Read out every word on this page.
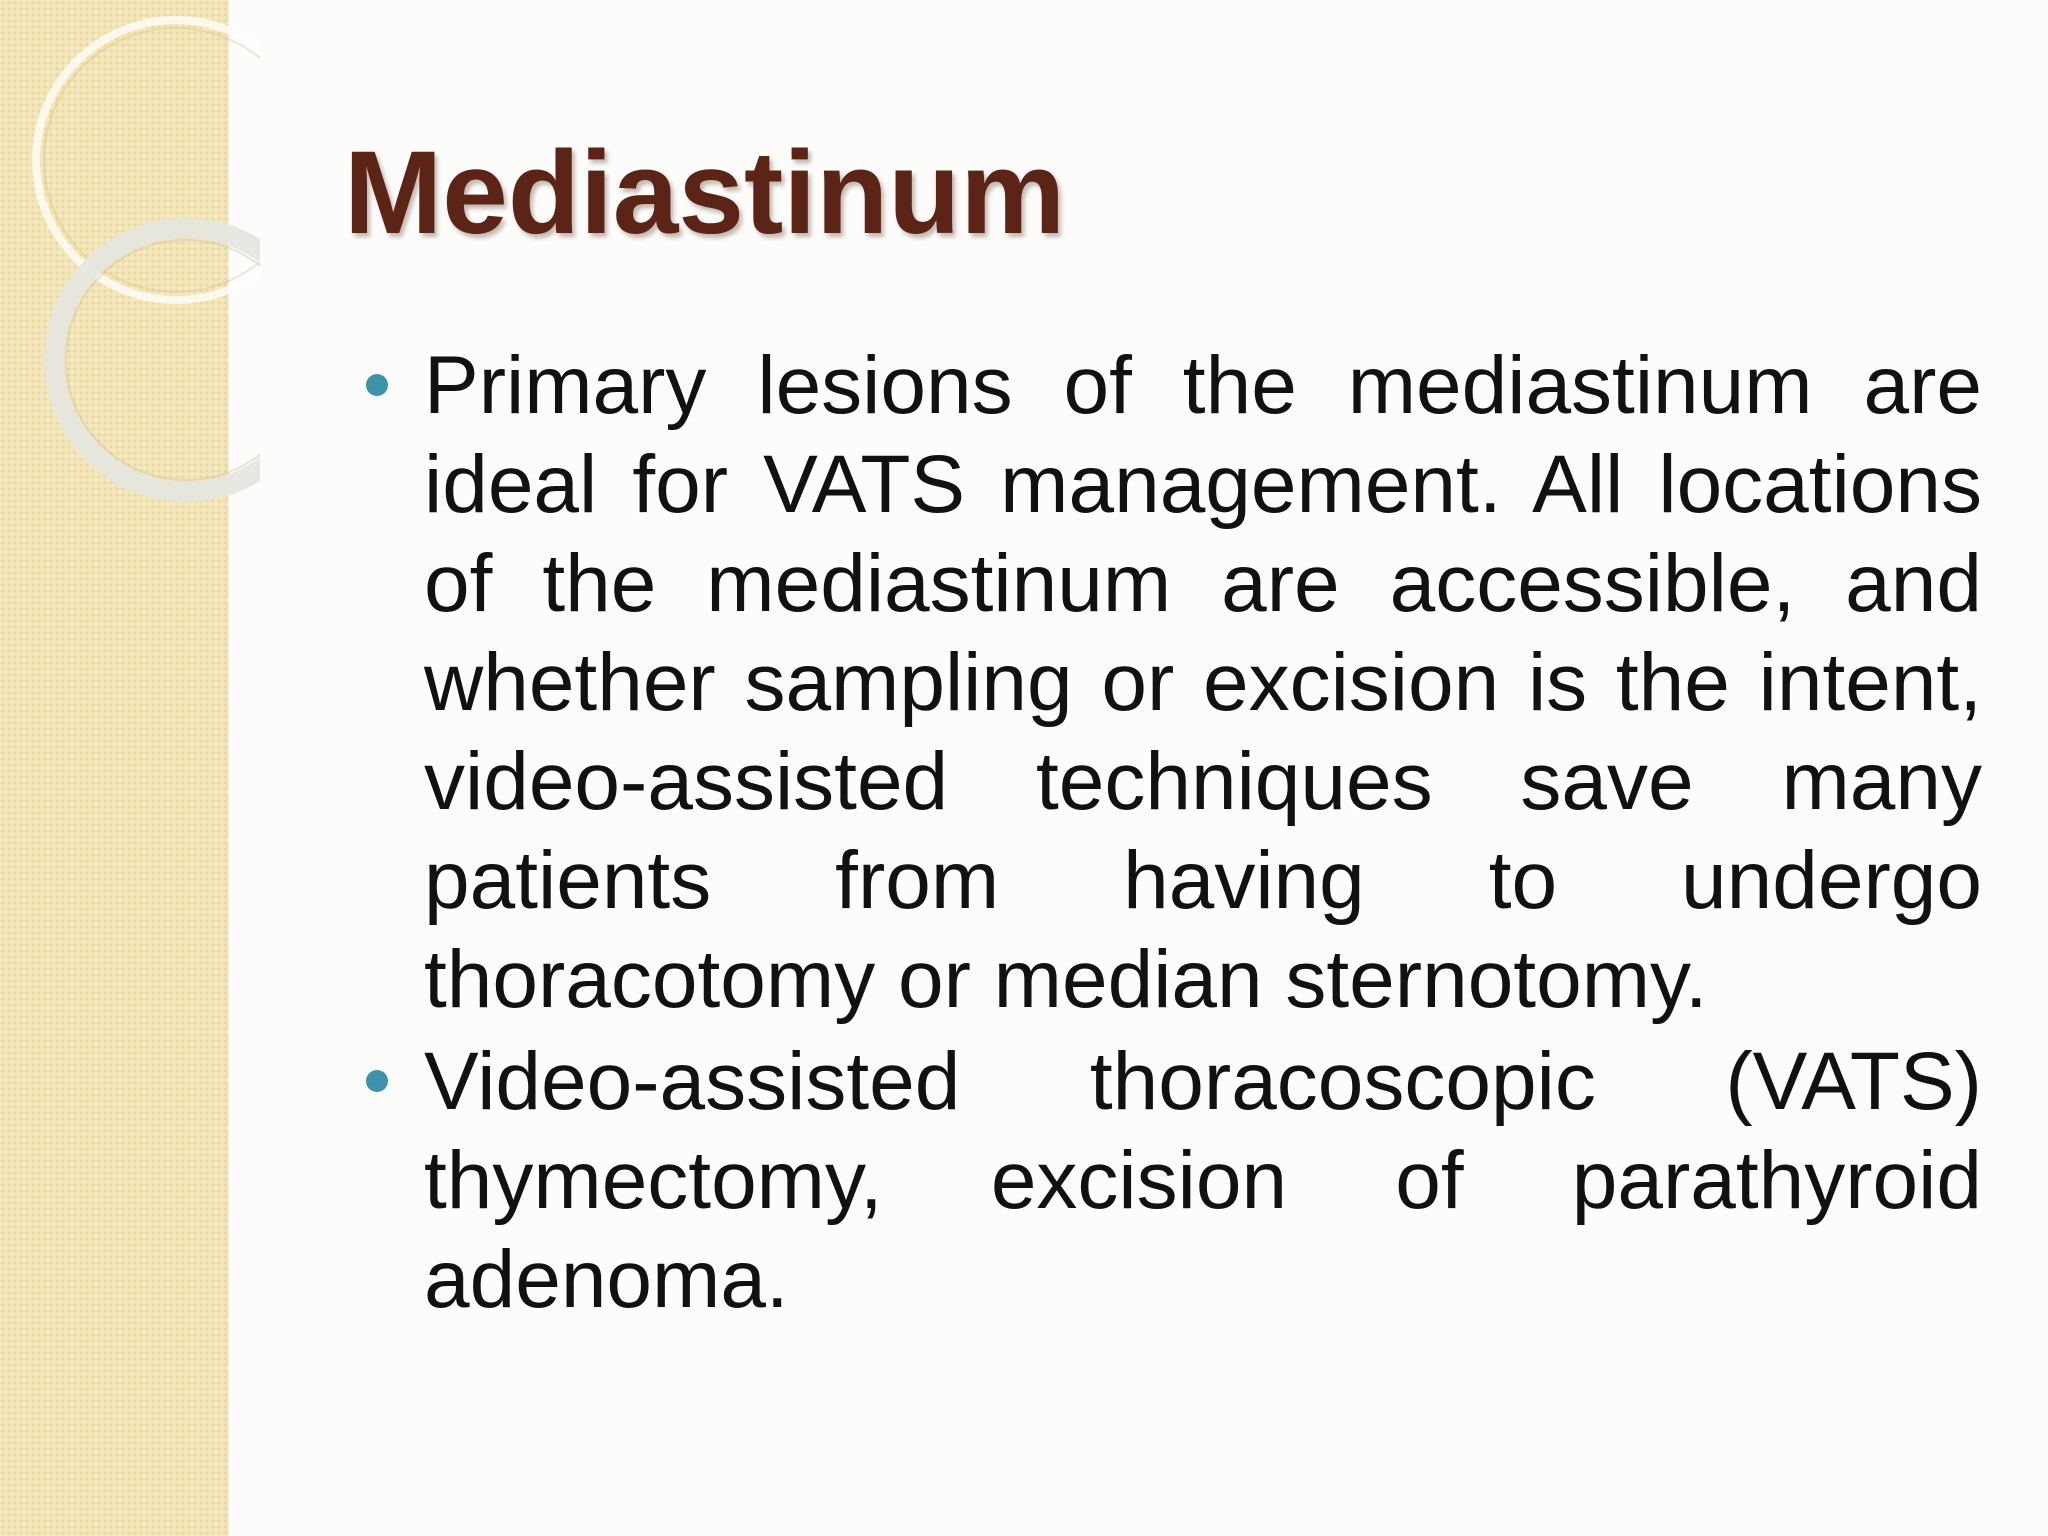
Mediastinum
Primary lesions of the mediastinum are ideal for VATS management. All locations of the mediastinum are accessible, and whether sampling or excision is the intent, video-assisted techniques save many patients from having to undergo thoracotomy or median sternotomy.
Video-assisted thoracoscopic (VATS) thymectomy, excision of parathyroid adenoma.
